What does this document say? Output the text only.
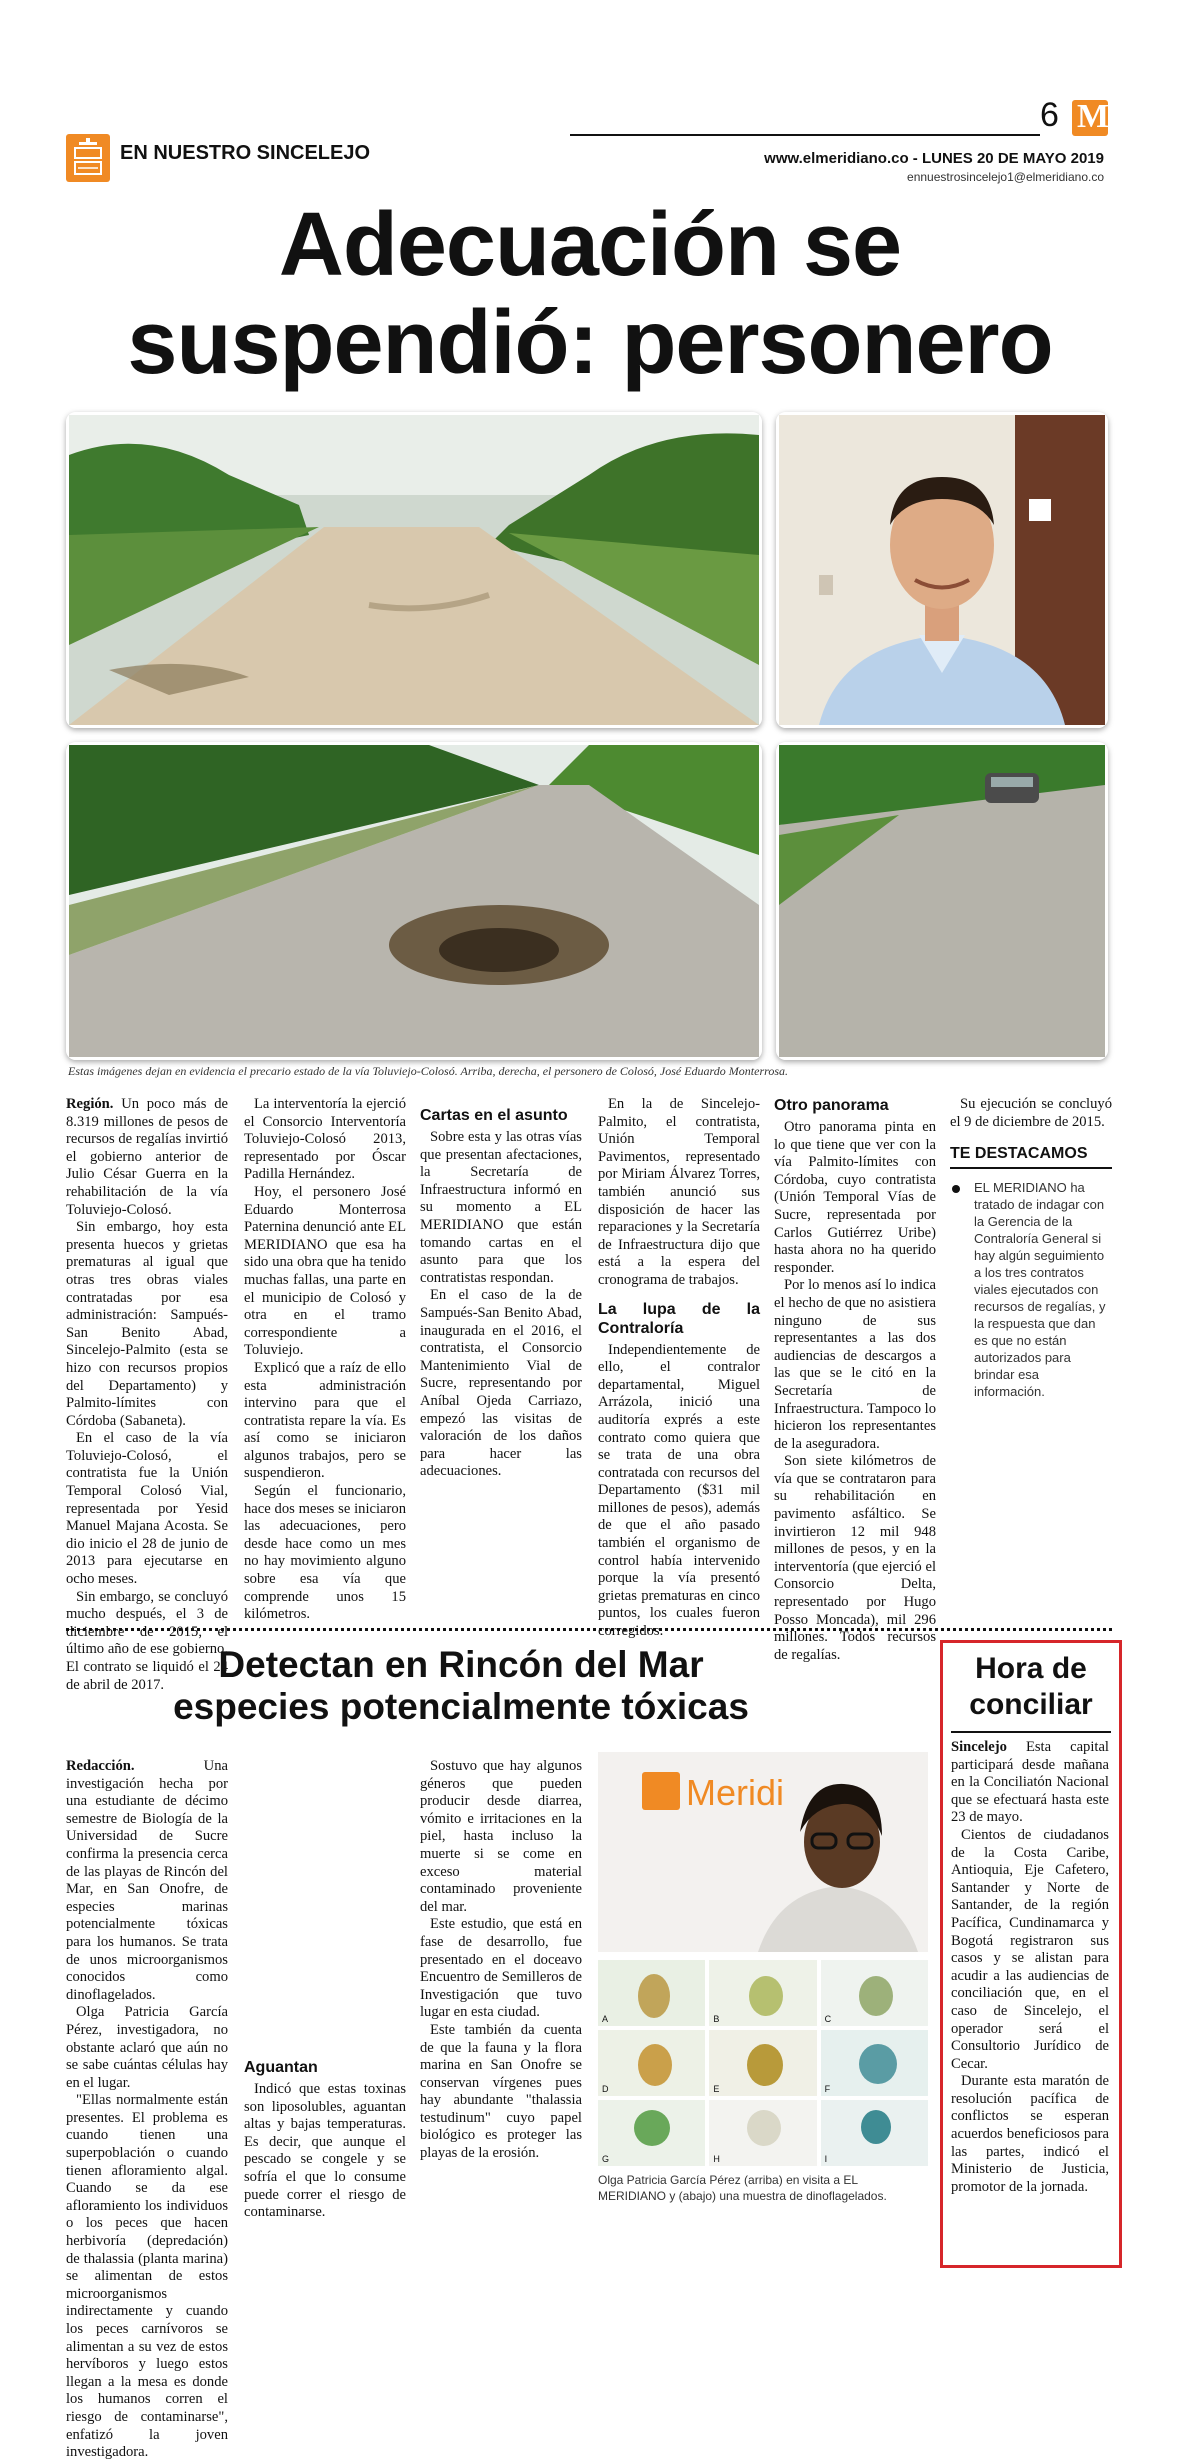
EN NUESTRO SINCELEJO
6 M
www.elmeridiano.co - LUNES 20 DE MAYO 2019
ennuestrosincelejo1@elmeridiano.co
Adecuación se
suspendió: personero
Estas imágenes dejan en evidencia el precario estado de la vía Toluviejo-Colosó. Arriba, derecha, el personero de Colosó, José Eduardo Monterrosa.

Región. Un poco más de 8.319 millones de pesos de recursos de regalías invirtió el gobierno anterior de Julio César Guerra en la rehabilitación de la vía Toluviejo-Colosó.

Sin embargo, hoy esta presenta huecos y grietas prematuras al igual que otras tres obras viales contratadas por esa administración: Sampués-San Benito Abad, Sincelejo-Palmito (esta se hizo con recursos propios del Departamento) y Palmito-límites con Córdoba (Sabaneta).

En el caso de la vía Toluviejo-Colosó, el contratista fue la Unión Temporal Colosó Vial, representada por Yesid Manuel Majana Acosta. Se dio inicio el 28 de junio de 2013 para ejecutarse en ocho meses.

Sin embargo, se concluyó mucho después, el 3 de diciembre de 2015, el último año de ese gobierno. El contrato se liquidó el 24 de abril de 2017.

La interventoría la ejerció el Consorcio Interventoría Toluviejo-Colosó 2013, representado por Óscar Padilla Hernández.

Hoy, el personero José Eduardo Monterrosa Paternina denunció ante EL MERIDIANO que esa ha sido una obra que ha tenido muchas fallas, una parte en el municipio de Colosó y otra en el tramo correspondiente a Toluviejo.

Explicó que a raíz de ello esta administración intervino para que el contratista repare la vía. Es así como se iniciaron algunos trabajos, pero se suspendieron.

Según el funcionario, hace dos meses se iniciaron las adecuaciones, pero desde hace como un mes no hay movimiento alguno sobre esa vía que comprende unos 15 kilómetros.

Cartas en el asunto

Sobre esta y las otras vías que presentan afectaciones, la Secretaría de Infraestructura informó en su momento a EL MERIDIANO que están tomando cartas en el asunto para que los contratistas respondan.

En el caso de la de Sampués-San Benito Abad, inaugurada en el 2016, el contratista, el Consorcio Mantenimiento Vial de Sucre, representando por Aníbal Ojeda Carriazo, empezó las visitas de valoración de los daños para hacer las adecuaciones.

En la de Sincelejo-Palmito, el contratista, Unión Temporal Pavimentos, representado por Miriam Álvarez Torres, también anunció sus disposición de hacer las reparaciones y la Secretaría de Infraestructura dijo que está a la espera del cronograma de trabajos.

La lupa de la Contraloría

Independientemente de ello, el contralor departamental, Miguel Arrázola, inició una auditoría exprés a este contrato como quiera que se trata de una obra contratada con recursos del Departamento ($31 mil millones de pesos), además de que el año pasado también el organismo de control había intervenido porque la vía presentó grietas prematuras en cinco puntos, los cuales fueron corregidos.

Otro panorama

Otro panorama pinta en lo que tiene que ver con la vía Palmito-límites con Córdoba, cuyo contratista (Unión Temporal Vías de Sucre, representada por Carlos Gutiérrez Uribe) hasta ahora no ha querido responder.

Por lo menos así lo indica el hecho de que no asistiera ninguno de sus representantes a las dos audiencias de descargos a las que se le citó en la Secretaría de Infraestructura. Tampoco lo hicieron los representantes de la aseguradora.

Son siete kilómetros de vía que se contrataron para su rehabilitación en pavimento asfáltico. Se invirtieron 12 mil 948 millones de pesos, y en la interventoría (que ejerció el Consorcio Delta, representado por Hugo Posso Moncada), mil 296 millones. Todos recursos de regalías.

Su ejecución se concluyó el 9 de diciembre de 2015.

TE DESTACAMOS
EL MERIDIANO ha tratado de indagar con la Gerencia de la Contraloría General si hay algún seguimiento a los tres contratos viales ejecutados con recursos de regalías, y la respuesta que dan es que no están autorizados para brindar esa información.
Detectan en Rincón del Mar
especies potencialmente tóxicas

Redacción. Una investigación hecha por una estudiante de décimo semestre de Biología de la Universidad de Sucre confirma la presencia cerca de las playas de Rincón del Mar, en San Onofre, de especies marinas potencialmente tóxicas para los humanos. Se trata de unos microorganismos conocidos como dinoflagelados.

Olga Patricia García Pérez, investigadora, no obstante aclaró que aún no se sabe cuántas células hay en el lugar.

"Ellas normalmente están presentes. El problema es cuando tienen una superpoblación o cuando tienen afloramiento algal. Cuando se da ese afloramiento los individuos o los peces que hacen herbivoría (depredación) de thalassia (planta marina) se alimentan de estos microorganismos indirectamente y cuando los peces carnívoros se alimentan a su vez de estos hervíboros y luego estos llegan a la mesa es donde los humanos corren el riesgo de contaminarse", enfatizó la joven investigadora.

Aguantan

Indicó que estas toxinas son liposolubles, aguantan altas y bajas temperaturas. Es decir, que aunque el pescado se congele y se sofría el que lo consume puede correr el riesgo de contaminarse.

Sostuvo que hay algunos géneros que pueden producir desde diarrea, vómito e irritaciones en la piel, hasta incluso la muerte si se come en exceso material contaminado proveniente del mar.

Este estudio, que está en fase de desarrollo, fue presentado en el doceavo Encuentro de Semilleros de Investigación que tuvo lugar en esta ciudad.

Este también da cuenta de que la fauna y la flora marina en San Onofre se conservan vírgenes pues hay abundante "thalassia testudinum" cuyo papel biológico es proteger las playas de la erosión.

Meridi
A	B	C
D	E	F
G	H	I
Olga Patricia García Pérez (arriba) en visita a EL MERIDIANO y (abajo) una muestra de dinoflagelados.
Hora de
conciliar

Sincelejo Esta capital participará desde mañana en la Conciliatón Nacional que se efectuará hasta este 23 de mayo.

Cientos de ciudadanos de la Costa Caribe, Antioquia, Eje Cafetero, Santander y Norte de Santander, de la región Pacífica, Cundinamarca y Bogotá registraron sus casos y se alistan para acudir a las audiencias de conciliación que, en el caso de Sincelejo, el operador será el Consultorio Jurídico de Cecar.

Durante esta maratón de resolución pacífica de conflictos se esperan acuerdos beneficiosos para las partes, indicó el Ministerio de Justicia, promotor de la jornada.
